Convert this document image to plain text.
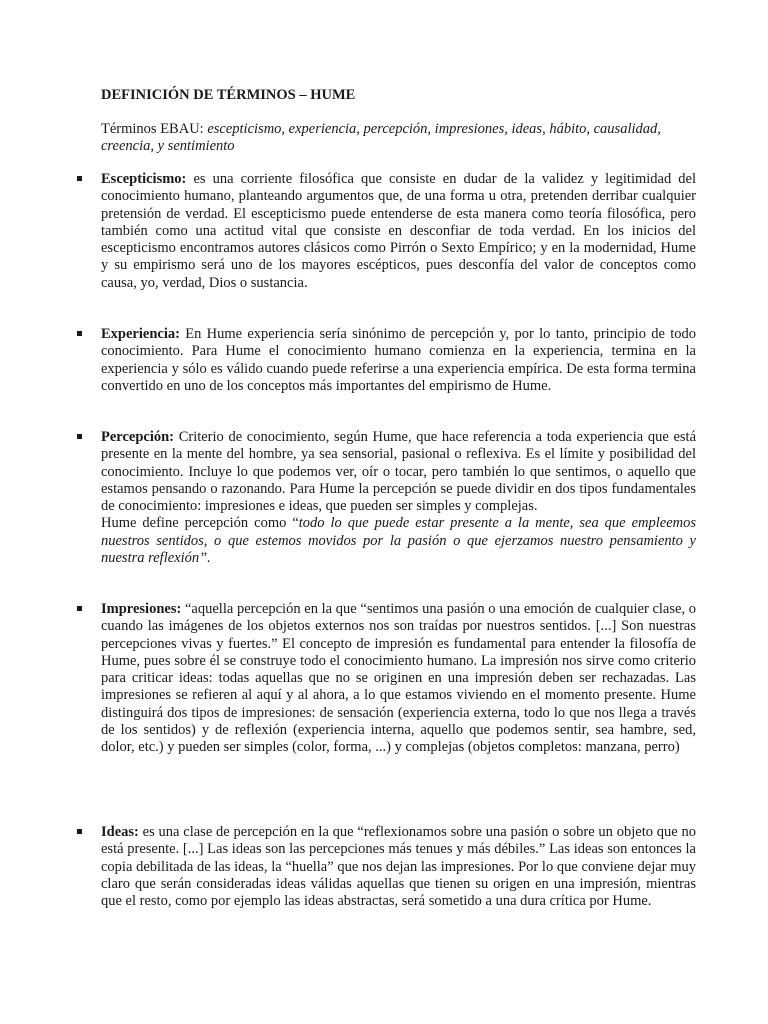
DEFINICIÓN DE TÉRMINOS – HUME

Términos EBAU: escepticismo, experiencia, percepción, impresiones, ideas, hábito, causalidad, creencia, y sentimiento

Escepticismo: es una corriente filosófica que consiste en dudar de la validez y legitimidad del conocimiento humano, planteando argumentos que, de una forma u otra, pretenden derribar cualquier pretensión de verdad. El escepticismo puede entenderse de esta manera como teoría filosófica, pero también como una actitud vital que consiste en desconfiar de toda verdad. En los inicios del escepticismo encontramos autores clásicos como Pirrón o Sexto Empírico; y en la modernidad, Hume y su empirismo será uno de los mayores escépticos, pues desconfía del valor de conceptos como causa, yo, verdad, Dios o sustancia.
Experiencia: En Hume experiencia sería sinónimo de percepción y, por lo tanto, principio de todo conocimiento. Para Hume el conocimiento humano comienza en la experiencia, termina en la experiencia y sólo es válido cuando puede referirse a una experiencia empírica. De esta forma termina convertido en uno de los conceptos más importantes del empirismo de Hume.
Percepción: Criterio de conocimiento, según Hume, que hace referencia a toda experiencia que está presente en la mente del hombre, ya sea sensorial, pasional o reflexiva. Es el límite y posibilidad del conocimiento. Incluye lo que podemos ver, oír o tocar, pero también lo que sentimos, o aquello que estamos pensando o razonando. Para Hume la percepción se puede dividir en dos tipos fundamentales de conocimiento: impresiones e ideas, que pueden ser simples y complejas.
Hume define percepción como “todo lo que puede estar presente a la mente, sea que empleemos nuestros sentidos, o que estemos movidos por la pasión o que ejerzamos nuestro pensamiento y nuestra reflexión”.
Impresiones: “aquella percepción en la que “sentimos una pasión o una emoción de cualquier clase, o cuando las imágenes de los objetos externos nos son traídas por nuestros sentidos. [...] Son nuestras percepciones vivas y fuertes.” El concepto de impresión es fundamental para entender la filosofía de Hume, pues sobre él se construye todo el conocimiento humano. La impresión nos sirve como criterio para criticar ideas: todas aquellas que no se originen en una impresión deben ser rechazadas. Las impresiones se refieren al aquí y al ahora, a lo que estamos viviendo en el momento presente. Hume distinguirá dos tipos de impresiones: de sensación (experiencia externa, todo lo que nos llega a través de los sentidos) y de reflexión (experiencia interna, aquello que podemos sentir, sea hambre, sed, dolor, etc.) y pueden ser simples (color, forma, ...) y complejas (objetos completos: manzana, perro)
Ideas: es una clase de percepción en la que “reflexionamos sobre una pasión o sobre un objeto que no está presente. [...] Las ideas son las percepciones más tenues y más débiles.” Las ideas son entonces la copia debilitada de las ideas, la “huella” que nos dejan las impresiones. Por lo que conviene dejar muy claro que serán consideradas ideas válidas aquellas que tienen su origen en una impresión, mientras que el resto, como por ejemplo las ideas abstractas, será sometido a una dura crítica por Hume.
